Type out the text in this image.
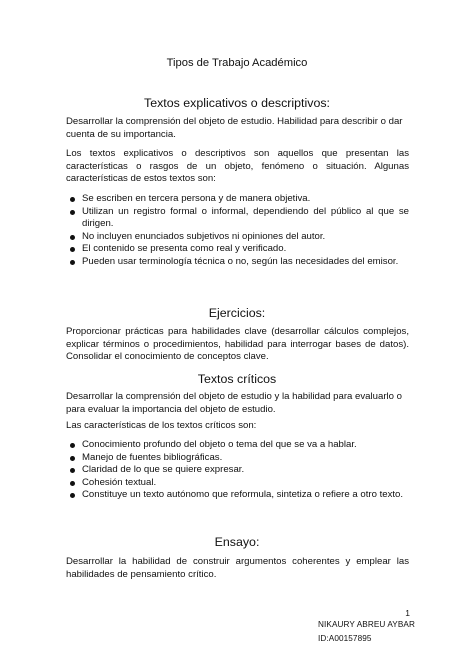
Tipos de Trabajo Académico
Textos explicativos o descriptivos:

Desarrollar la comprensión del objeto de estudio. Habilidad para describir o dar cuenta de su importancia.

Los textos explicativos o descriptivos son aquellos que presentan las características o rasgos de un objeto, fenómeno o situación. Algunas características de estos textos son:

Se escriben en tercera persona y de manera objetiva.
Utilizan un registro formal o informal, dependiendo del público al que se dirigen.
No incluyen enunciados subjetivos ni opiniones del autor.
El contenido se presenta como real y verificado.
Pueden usar terminología técnica o no, según las necesidades del emisor.
Ejercicios:

Proporcionar prácticas para habilidades clave (desarrollar cálculos complejos, explicar términos o procedimientos, habilidad para interrogar bases de datos). Consolidar el conocimiento de conceptos clave.

Textos críticos

Desarrollar la comprensión del objeto de estudio y la habilidad para evaluarlo o para evaluar la importancia del objeto de estudio.

Las características de los textos críticos son:

Conocimiento profundo del objeto o tema del que se va a hablar.
Manejo de fuentes bibliográficas.
Claridad de lo que se quiere expresar.
Cohesión textual.
Constituye un texto autónomo que reformula, sintetiza o refiere a otro texto.
Ensayo:

Desarrollar la habilidad de construir argumentos coherentes y emplear las habilidades de pensamiento crítico.

1
NIKAURY ABREU AYBAR
ID:A00157895
